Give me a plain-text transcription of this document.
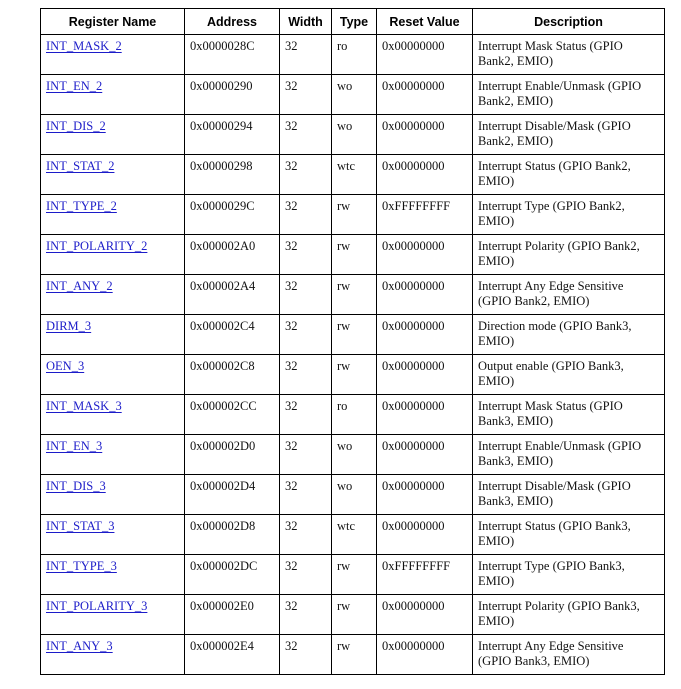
Register Name	Address	Width	Type	Reset Value	Description
INT_MASK_2	0x0000028C	32	ro	0x00000000	Interrupt Mask Status (GPIO Bank2, EMIO)
INT_EN_2	0x00000290	32	wo	0x00000000	Interrupt Enable/Unmask (GPIO Bank2, EMIO)
INT_DIS_2	0x00000294	32	wo	0x00000000	Interrupt Disable/Mask (GPIO Bank2, EMIO)
INT_STAT_2	0x00000298	32	wtc	0x00000000	Interrupt Status (GPIO Bank2, EMIO)
INT_TYPE_2	0x0000029C	32	rw	0xFFFFFFFF	Interrupt Type (GPIO Bank2, EMIO)
INT_POLARITY_2	0x000002A0	32	rw	0x00000000	Interrupt Polarity (GPIO Bank2, EMIO)
INT_ANY_2	0x000002A4	32	rw	0x00000000	Interrupt Any Edge Sensitive (GPIO Bank2, EMIO)
DIRM_3	0x000002C4	32	rw	0x00000000	Direction mode (GPIO Bank3, EMIO)
OEN_3	0x000002C8	32	rw	0x00000000	Output enable (GPIO Bank3, EMIO)
INT_MASK_3	0x000002CC	32	ro	0x00000000	Interrupt Mask Status (GPIO Bank3, EMIO)
INT_EN_3	0x000002D0	32	wo	0x00000000	Interrupt Enable/Unmask (GPIO Bank3, EMIO)
INT_DIS_3	0x000002D4	32	wo	0x00000000	Interrupt Disable/Mask (GPIO Bank3, EMIO)
INT_STAT_3	0x000002D8	32	wtc	0x00000000	Interrupt Status (GPIO Bank3, EMIO)
INT_TYPE_3	0x000002DC	32	rw	0xFFFFFFFF	Interrupt Type (GPIO Bank3, EMIO)
INT_POLARITY_3	0x000002E0	32	rw	0x00000000	Interrupt Polarity (GPIO Bank3, EMIO)
INT_ANY_3	0x000002E4	32	rw	0x00000000	Interrupt Any Edge Sensitive (GPIO Bank3, EMIO)
